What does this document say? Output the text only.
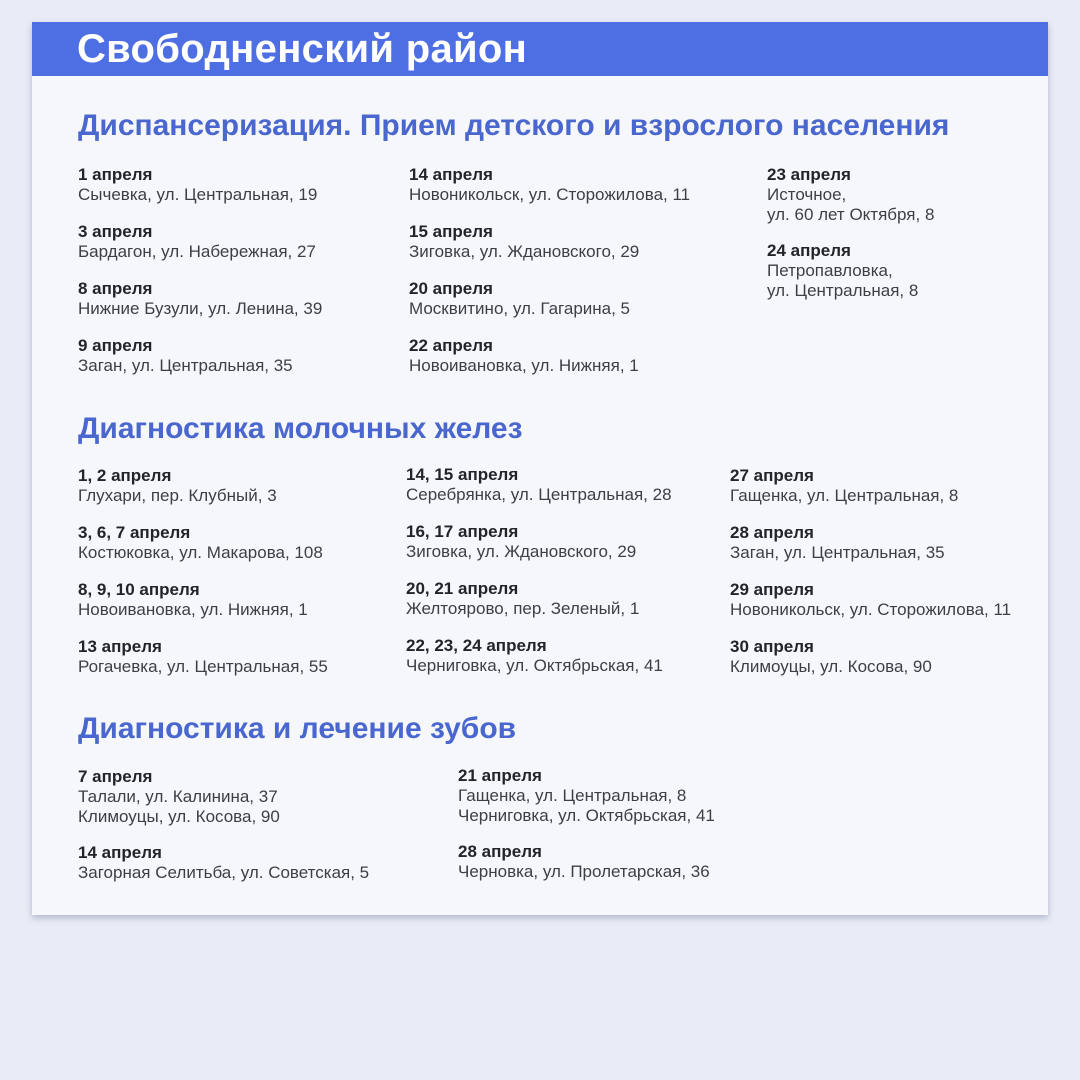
Свободненский район
Диспансеризация. Прием детского и взрослого населения
1 апреля
Сычевка, ул. Центральная, 19
3 апреля
Бардагон, ул. Набережная, 27
8 апреля
Нижние Бузули, ул. Ленина, 39
9 апреля
Заган, ул. Центральная, 35
14 апреля
Новоникольск, ул. Сторожилова, 11
15 апреля
Зиговка, ул. Ждановского, 29
20 апреля
Москвитино, ул. Гагарина, 5
22 апреля
Новоивановка, ул. Нижняя, 1
23 апреля
Источное,
ул. 60 лет Октября, 8
24 апреля
Петропавловка,
ул. Центральная, 8
Диагностика молочных желез
1, 2 апреля
Глухари, пер. Клубный, 3
3, 6, 7 апреля
Костюковка, ул. Макарова, 108
8, 9, 10 апреля
Новоивановка, ул. Нижняя, 1
13 апреля
Рогачевка, ул. Центральная, 55
14, 15 апреля
Серебрянка, ул. Центральная, 28
16, 17 апреля
Зиговка, ул. Ждановского, 29
20, 21 апреля
Желтоярово, пер. Зеленый, 1
22, 23, 24 апреля
Черниговка, ул. Октябрьская, 41
27 апреля
Гащенка, ул. Центральная, 8
28 апреля
Заган, ул. Центральная, 35
29 апреля
Новоникольск, ул. Сторожилова, 11
30 апреля
Климоуцы, ул. Косова, 90
Диагностика и лечение зубов
7 апреля
Талали, ул. Калинина, 37
Климоуцы, ул. Косова, 90
14 апреля
Загорная Селитьба, ул. Советская, 5
21 апреля
Гащенка, ул. Центральная, 8
Черниговка, ул. Октябрьская, 41
28 апреля
Черновка, ул. Пролетарская, 36
